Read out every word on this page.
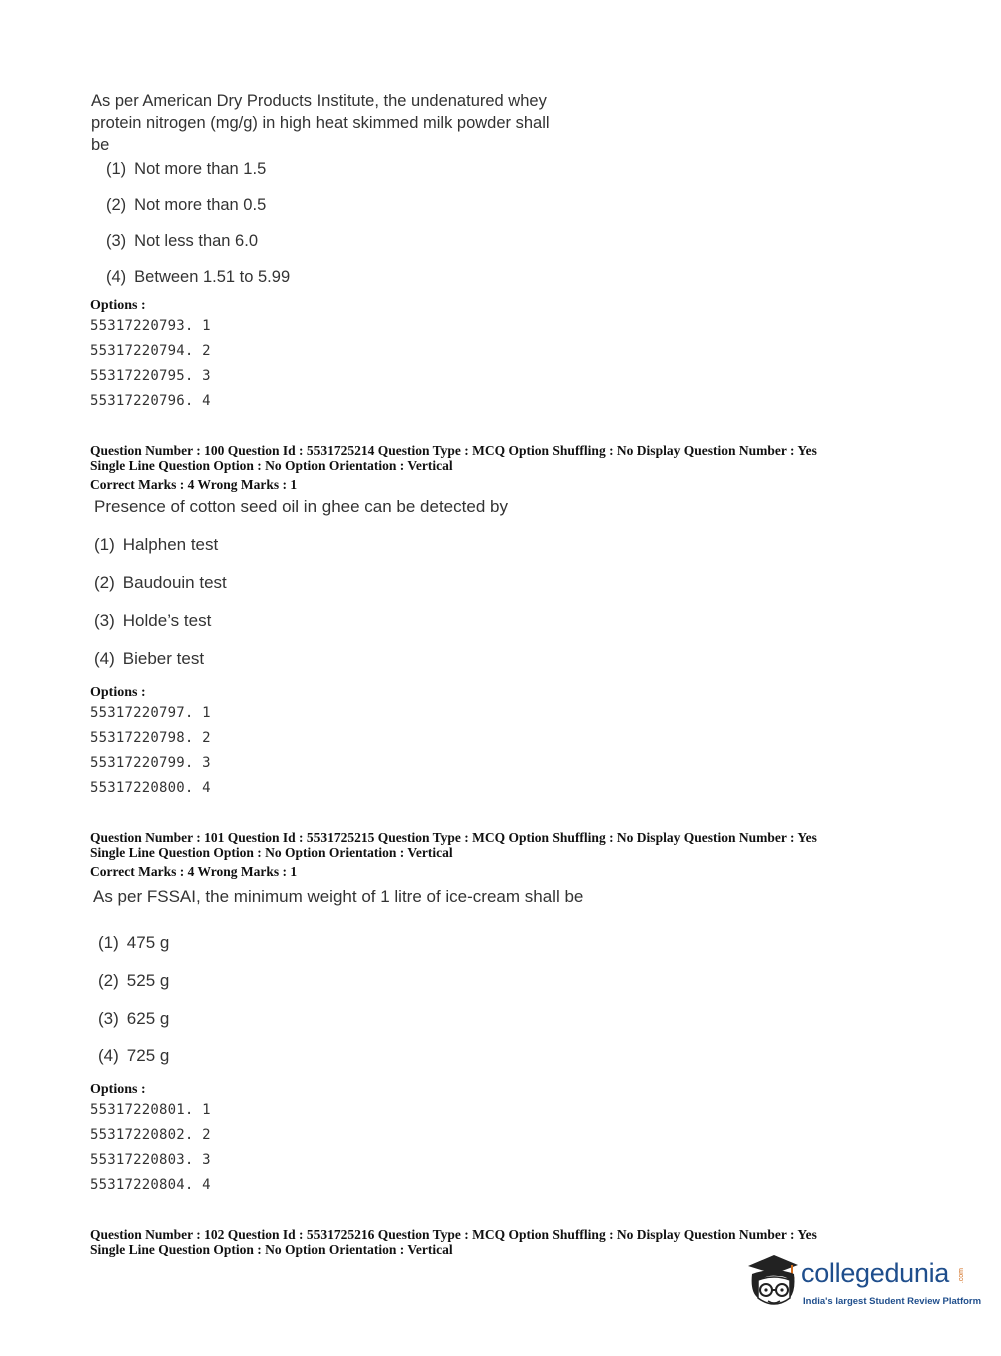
As per American Dry Products Institute, the undenatured whey protein nitrogen (mg/g) in high heat skimmed milk powder shall be

(1) Not more than 1.5
(2) Not more than 0.5
(3) Not less than 6.0
(4) Between 1.51 to 5.99
Options :
55317220793. 1
55317220794. 2
55317220795. 3
55317220796. 4
Question Number : 100 Question Id : 5531725214 Question Type : MCQ Option Shuffling : No Display Question Number : Yes
Single Line Question Option : No Option Orientation : Vertical
Correct Marks : 4 Wrong Marks : 1

Presence of cotton seed oil in ghee can be detected by

(1) Halphen test
(2) Baudouin test
(3) Holde’s test
(4) Bieber test
Options :
55317220797. 1
55317220798. 2
55317220799. 3
55317220800. 4
Question Number : 101 Question Id : 5531725215 Question Type : MCQ Option Shuffling : No Display Question Number : Yes
Single Line Question Option : No Option Orientation : Vertical
Correct Marks : 4 Wrong Marks : 1

As per FSSAI, the minimum weight of 1 litre of ice-cream shall be

(1) 475 g
(2) 525 g
(3) 625 g
(4) 725 g
Options :
55317220801. 1
55317220802. 2
55317220803. 3
55317220804. 4
Question Number : 102 Question Id : 5531725216 Question Type : MCQ Option Shuffling : No Display Question Number : Yes
Single Line Question Option : No Option Orientation : Vertical
collegedunia .com
India's largest Student Review Platform
